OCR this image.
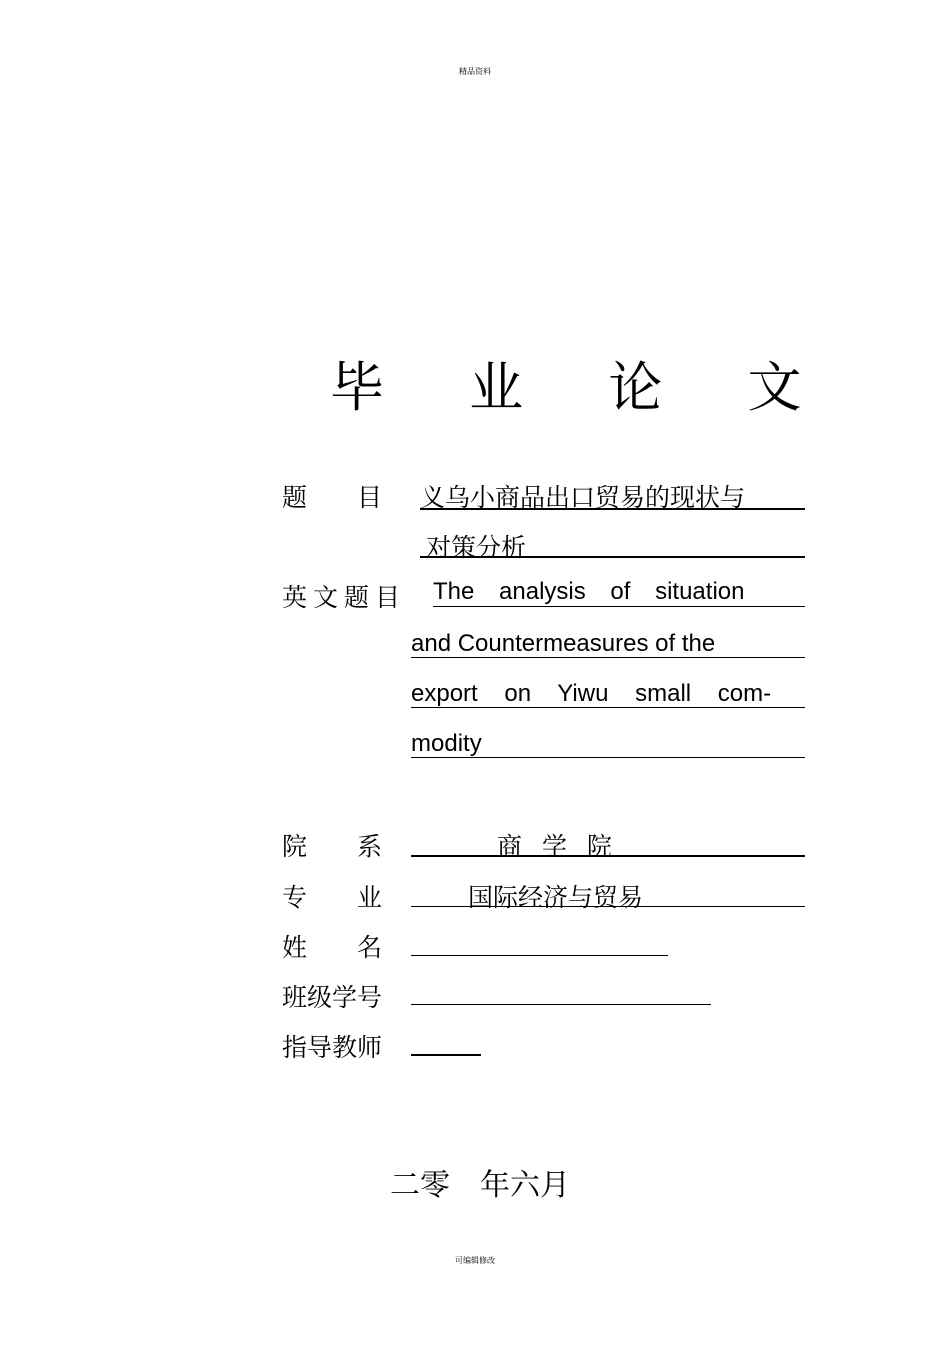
精品资料
毕 业 论 文
题　　目 义乌小商品出口贸易的现状与
对策分析
英文题目 The analysis of situation
and Countermeasures of the
export on Yiwu small com-
modity
院　　系	商 学 院
专　　业	国际经济与贸易
姓　　名
班级学号
指导教师
二零　年六月
可编辑修改
